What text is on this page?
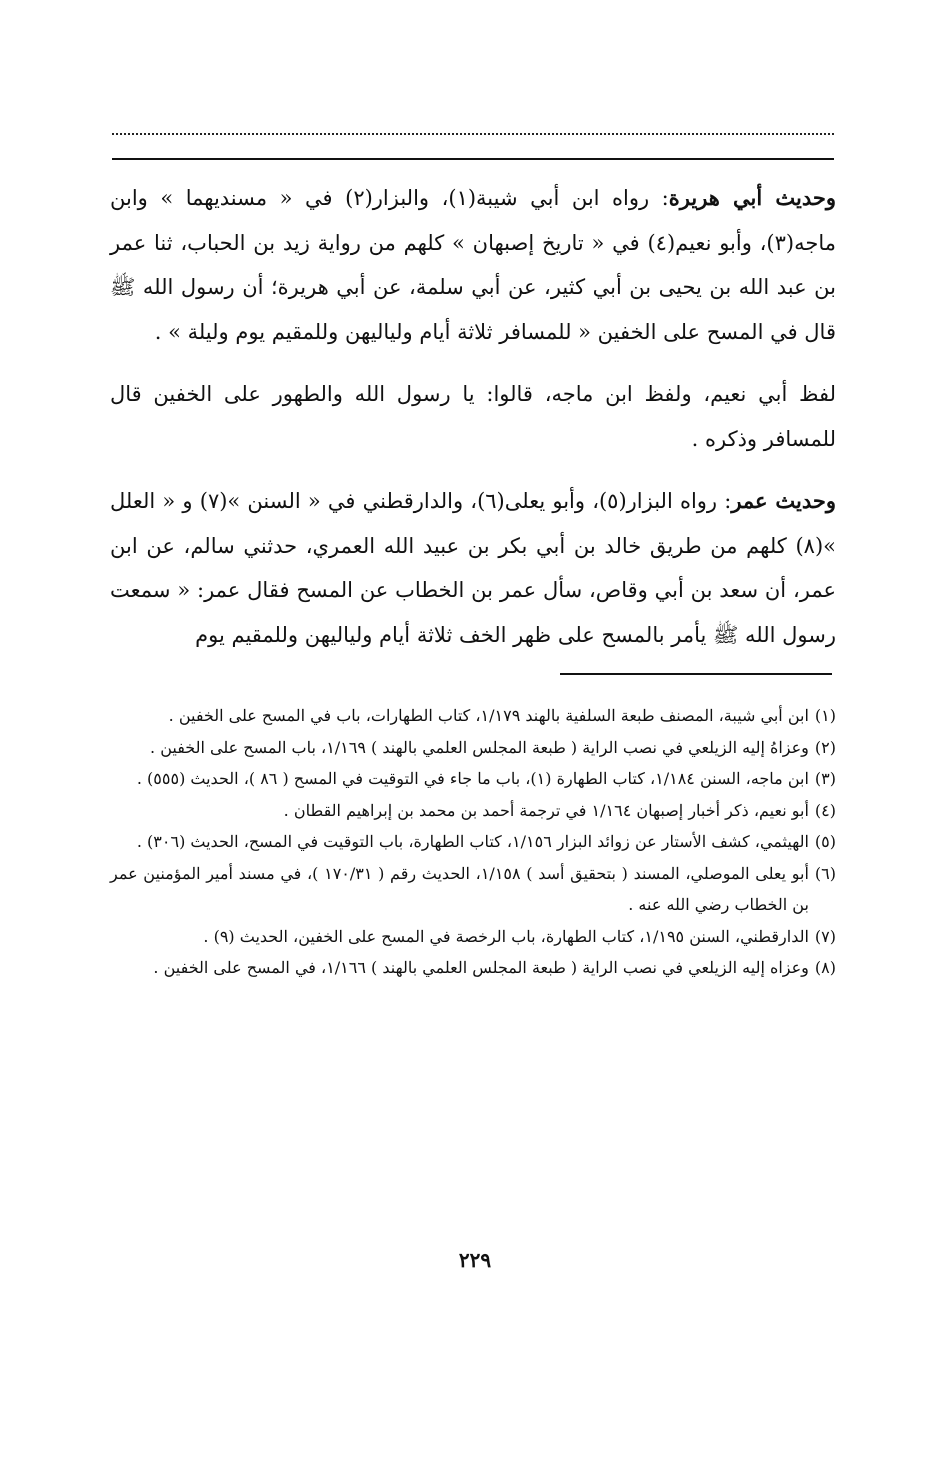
وحديث أبي هريرة: رواه ابن أبي شيبة(١)، والبزار(٢) في « مسنديهما » وابن ماجه(٣)، وأبو نعيم(٤) في « تاريخ إصبهان » كلهم من رواية زيد بن الحباب، ثنا عمر بن عبد الله بن يحيى بن أبي كثير، عن أبي سلمة، عن أبي هريرة؛ أن رسول الله ﷺ قال في المسح على الخفين « للمسافر ثلاثة أيام ولياليهن وللمقيم يوم وليلة » .

لفظ أبي نعيم، ولفظ ابن ماجه، قالوا: يا رسول الله والطهور على الخفين قال للمسافر وذكره .

وحديث عمر: رواه البزار(٥)، وأبو يعلى(٦)، والدارقطني في « السنن »(٧) و « العلل »(٨) كلهم من طريق خالد بن أبي بكر بن عبيد الله العمري، حدثني سالم، عن ابن عمر، أن سعد بن أبي وقاص، سأل عمر بن الخطاب عن المسح فقال عمر: « سمعت رسول الله ﷺ يأمر بالمسح على ظهر الخف ثلاثة أيام ولياليهن وللمقيم يوم

(١)
ابن أبي شيبة، المصنف طبعة السلفية بالهند ١/١٧٩، كتاب الطهارات، باب في المسح على الخفين .
(٢)
وعزاهُ إليه الزيلعي في نصب الراية ( طبعة المجلس العلمي بالهند ) ١/١٦٩، باب المسح على الخفين .
(٣)
ابن ماجه، السنن ١/١٨٤، كتاب الطهارة (١)، باب ما جاء في التوقيت في المسح ( ٨٦ )، الحديث (٥٥٥) .
(٤)
أبو نعيم، ذكر أخبار إصبهان ١/١٦٤ في ترجمة أحمد بن محمد بن إبراهيم القطان .
(٥)
الهيثمي، كشف الأستار عن زوائد البزار ١/١٥٦، كتاب الطهارة، باب التوقيت في المسح، الحديث (٣٠٦) .
(٦)
أبو يعلى الموصلي، المسند ( بتحقيق أسد ) ١/١٥٨، الحديث رقم ( ١٧٠/٣١ )، في مسند أمير المؤمنين عمر بن الخطاب رضي الله عنه .
(٧)
الدارقطني، السنن ١/١٩٥، كتاب الطهارة، باب الرخصة في المسح على الخفين، الحديث (٩) .
(٨)
وعزاه إليه الزيلعي في نصب الراية ( طبعة المجلس العلمي بالهند ) ١/١٦٦، في المسح على الخفين .
٢٢٩
